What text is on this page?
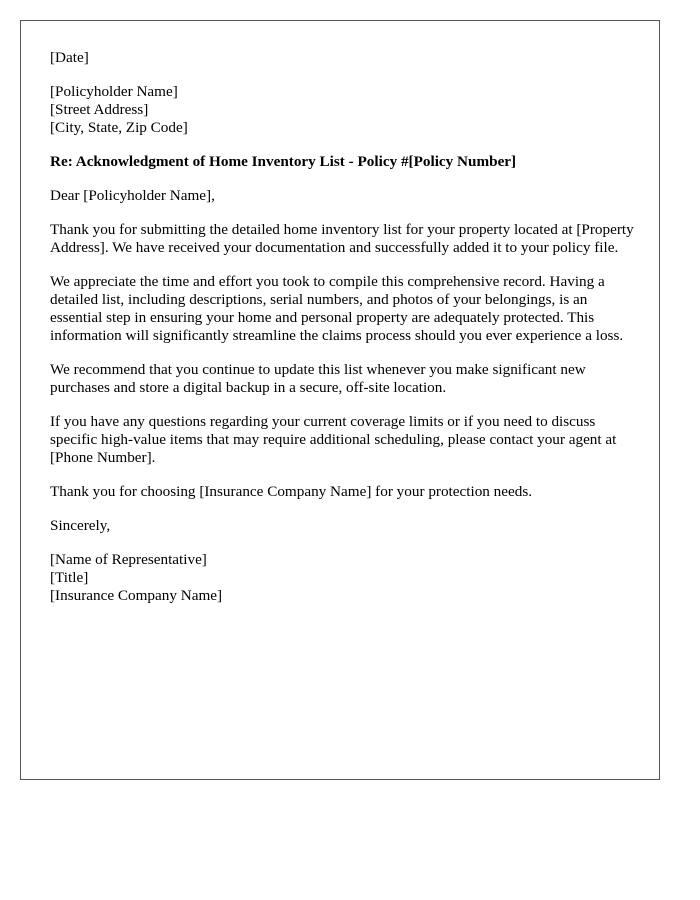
[Date]
[Policyholder Name]
[Street Address]
[City, State, Zip Code]
Re: Acknowledgment of Home Inventory List - Policy #[Policy Number]
Dear [Policyholder Name],
Thank you for submitting the detailed home inventory list for your property located at [Property Address]. We have received your documentation and successfully added it to your policy file.
We appreciate the time and effort you took to compile this comprehensive record. Having a detailed list, including descriptions, serial numbers, and photos of your belongings, is an essential step in ensuring your home and personal property are adequately protected. This information will significantly streamline the claims process should you ever experience a loss.
We recommend that you continue to update this list whenever you make significant new purchases and store a digital backup in a secure, off-site location.
If you have any questions regarding your current coverage limits or if you need to discuss specific high-value items that may require additional scheduling, please contact your agent at [Phone Number].
Thank you for choosing [Insurance Company Name] for your protection needs.
Sincerely,
[Name of Representative]
[Title]
[Insurance Company Name]
